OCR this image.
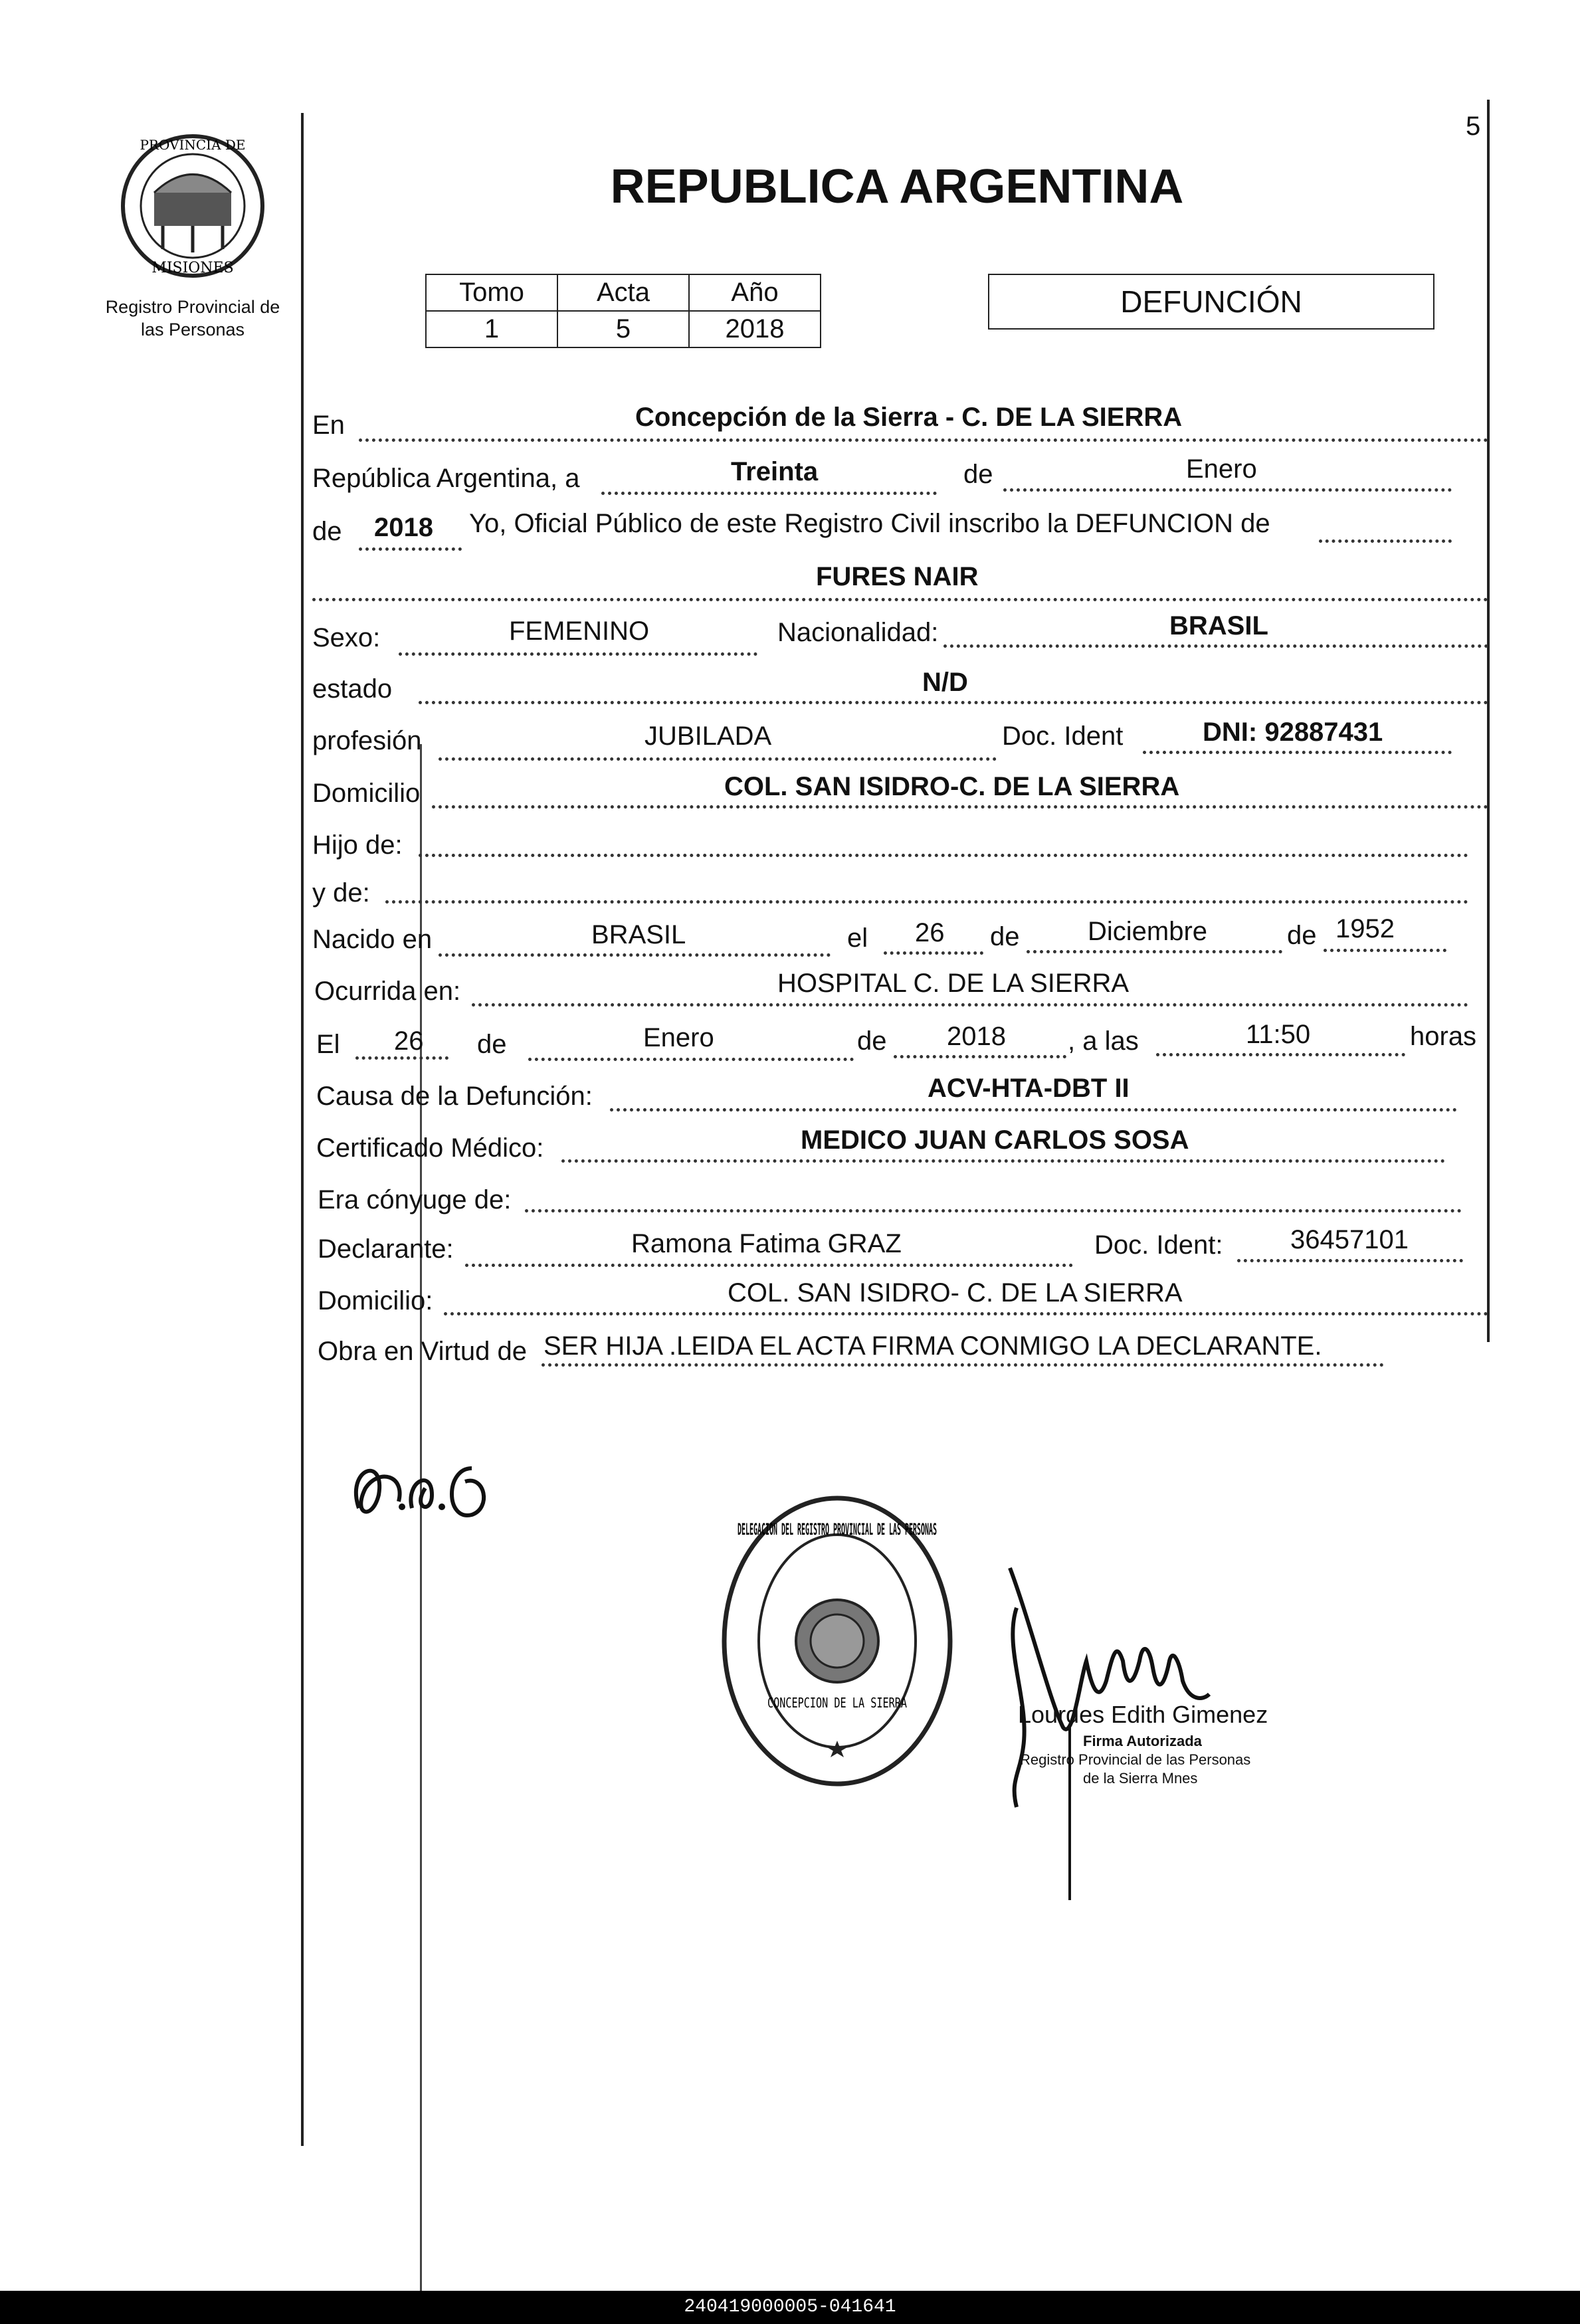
PROVINCIA DE
MISIONES
Registro Provincial de
las Personas
5
REPUBLICA ARGENTINA
Tomo	Acta	Año
1	5	2018
DEFUNCIÓN
En	Concepción de la Sierra - C. DE LA SIERRA
República Argentina, a	Treinta	de	Enero
de 2018 Yo, Oficial Público de este Registro Civil inscribo la DEFUNCION de
FURES NAIR
Sexo:	FEMENINO	Nacionalidad:	BRASIL
estado	N/D
profesión	JUBILADA	Doc. Ident	DNI: 92887431
Domicilio	COL. SAN ISIDRO-C. DE LA SIERRA
Hijo de:
y de:
Nacido en	BRASIL	el 26 de	Diciembre	de 1952
Ocurrida en:	HOSPITAL C. DE LA SIERRA
El 26 de	Enero	de 2018 , a las	11:50	horas
Causa de la Defunción:	ACV-HTA-DBT II
Certificado Médico:	MEDICO JUAN CARLOS SOSA
Era cónyuge de:
Declarante:	Ramona Fatima GRAZ	Doc. Ident:	36457101
Domicilio:	COL. SAN ISIDRO- C. DE LA SIERRA
Obra en Virtud de SER HIJA .LEIDA EL ACTA FIRMA CONMIGO LA DECLARANTE.
DELEGACION DEL REGISTRO PROVINCIAL DE LAS PERSONAS
CONCEPCION DE LA SIERRA	Lourdes Edith Gimenez
Firma Autorizada
Registro Provincial de las Personas
de la Sierra Mnes
240419000005-041641
